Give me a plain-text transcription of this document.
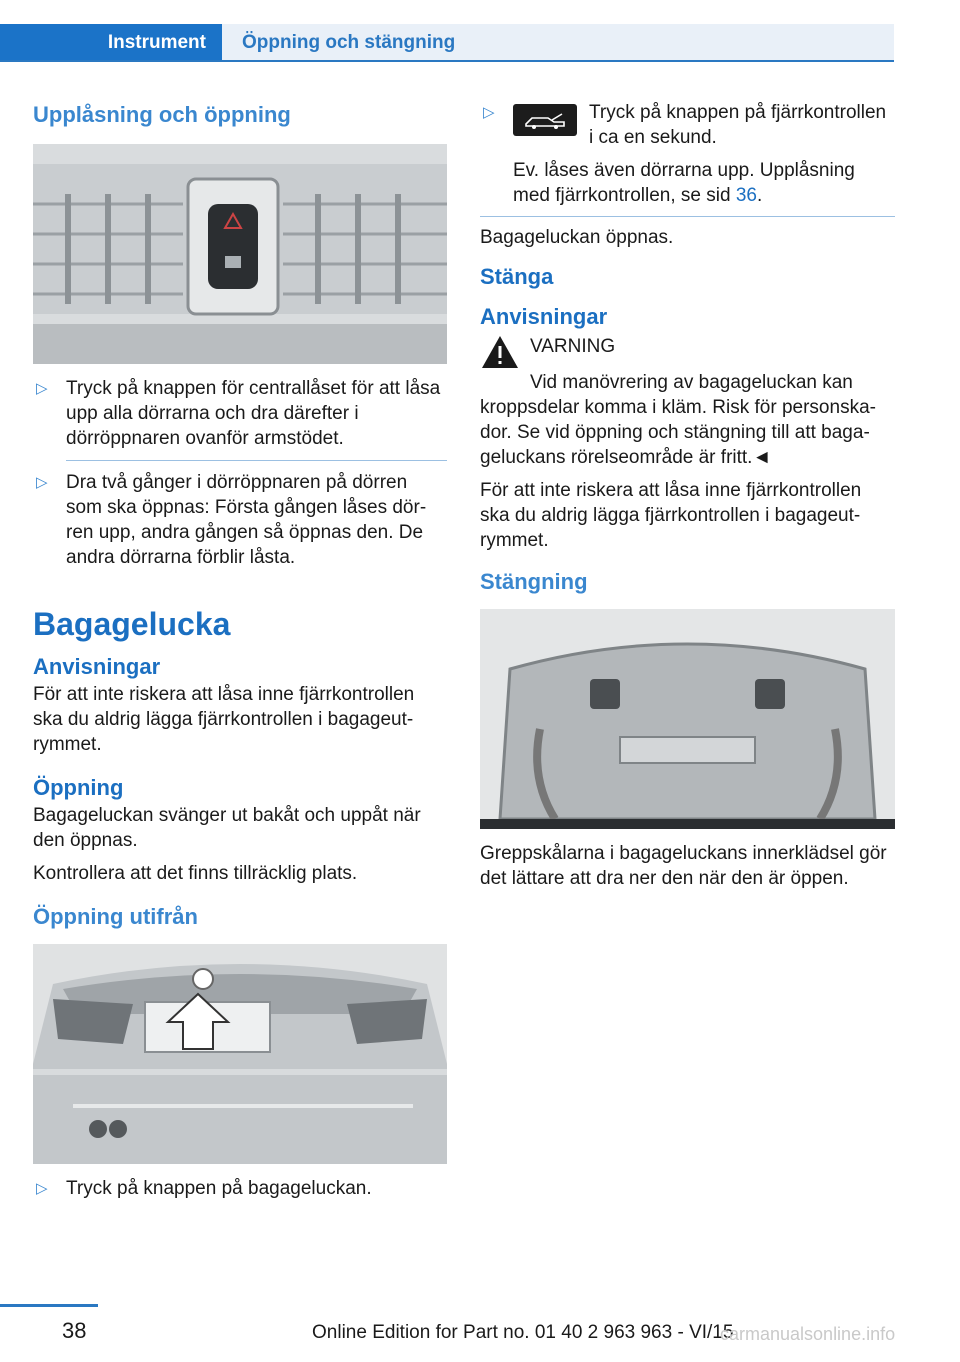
Instrument	Öppning och stängning
Upplåsning och öppning
▷ Tryck på knappen för centrallåset för att låsa upp alla dörrarna och dra därefter i dörröppnaren ovanför armstödet.
▷ Dra två gånger i dörröppnaren på dörren som ska öppnas: Första gången låses dörren upp, andra gången så öppnas den. De andra dörrarna förblir låsta.
Bagagelucka
Anvisningar

För att inte riskera att låsa inne fjärrkontrollen ska du aldrig lägga fjärrkontrollen i bagageutrymmet.

Öppning

Bagageluckan svänger ut bakåt och uppåt när den öppnas.

Kontrollera att det finns tillräcklig plats.

Öppning utifrån
▷ Tryck på knappen på bagageluckan.
▷	Tryck på knappen på fjärrkontrollen i ca en sekund.

Ev. låses även dörrarna upp. Upplåsning med fjärrkontrollen, se sid 36.

Bagageluckan öppnas.

Stänga
Anvisningar

VARNING

Vid manövrering av bagageluckan kan kroppsdelar komma i kläm. Risk för personskador. Se vid öppning och stängning till att bagageluckans rörelseområde är fritt.◄

För att inte riskera att låsa inne fjärrkontrollen ska du aldrig lägga fjärrkontrollen i bagageutrymmet.

Stängning

Greppskålarna i bagageluckans innerklädsel gör det lättare att dra ner den när den är öppen.

38	Online Edition for Part no. 01 40 2 963 963 - VI/15
carmanualsonline.info
